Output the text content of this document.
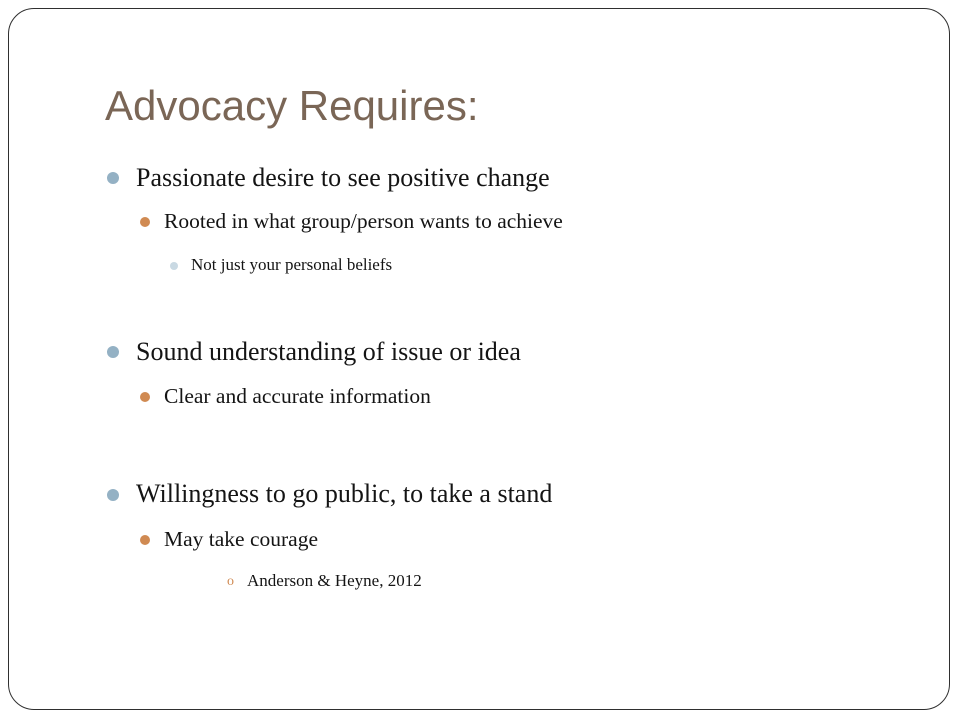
Advocacy Requires:
Passionate desire to see positive change
Rooted in what group/person wants to achieve
Not just your personal beliefs
Sound understanding of issue or idea
Clear and accurate information
Willingness to go public, to take a stand
May take courage
o Anderson & Heyne, 2012
